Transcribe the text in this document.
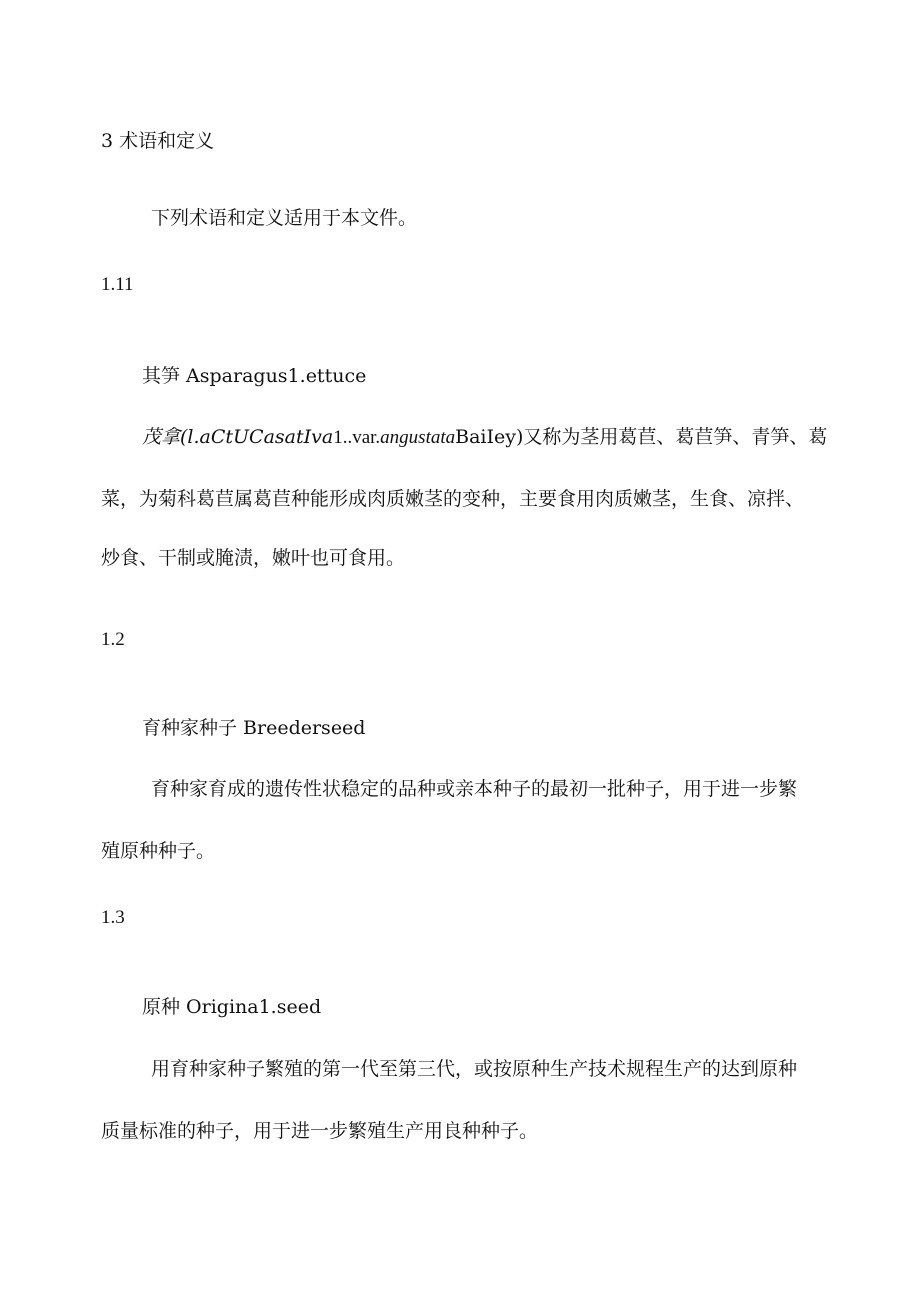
3 术语和定义
下列术语和定义适用于本文件。
1.11
其笋 Asparagus1.ettuce
茂拿(l.aCtUCasatIva1..var.angustataBaiIey)又称为茎用葛苣、葛苣笋、青笋、葛
菜，为菊科葛苣属葛苣种能形成肉质嫩茎的变种，主要食用肉质嫩茎，生食、凉拌、
炒食、干制或腌渍，嫩叶也可食用。
1.2
育种家种子 Breederseed
育种家育成的遗传性状稳定的品种或亲本种子的最初一批种子，用于进一步繁
殖原种种子。
1.3
原种 Origina1.seed
用育种家种子繁殖的第一代至第三代，或按原种生产技术规程生产的达到原种
质量标准的种子，用于进一步繁殖生产用良种种子。
